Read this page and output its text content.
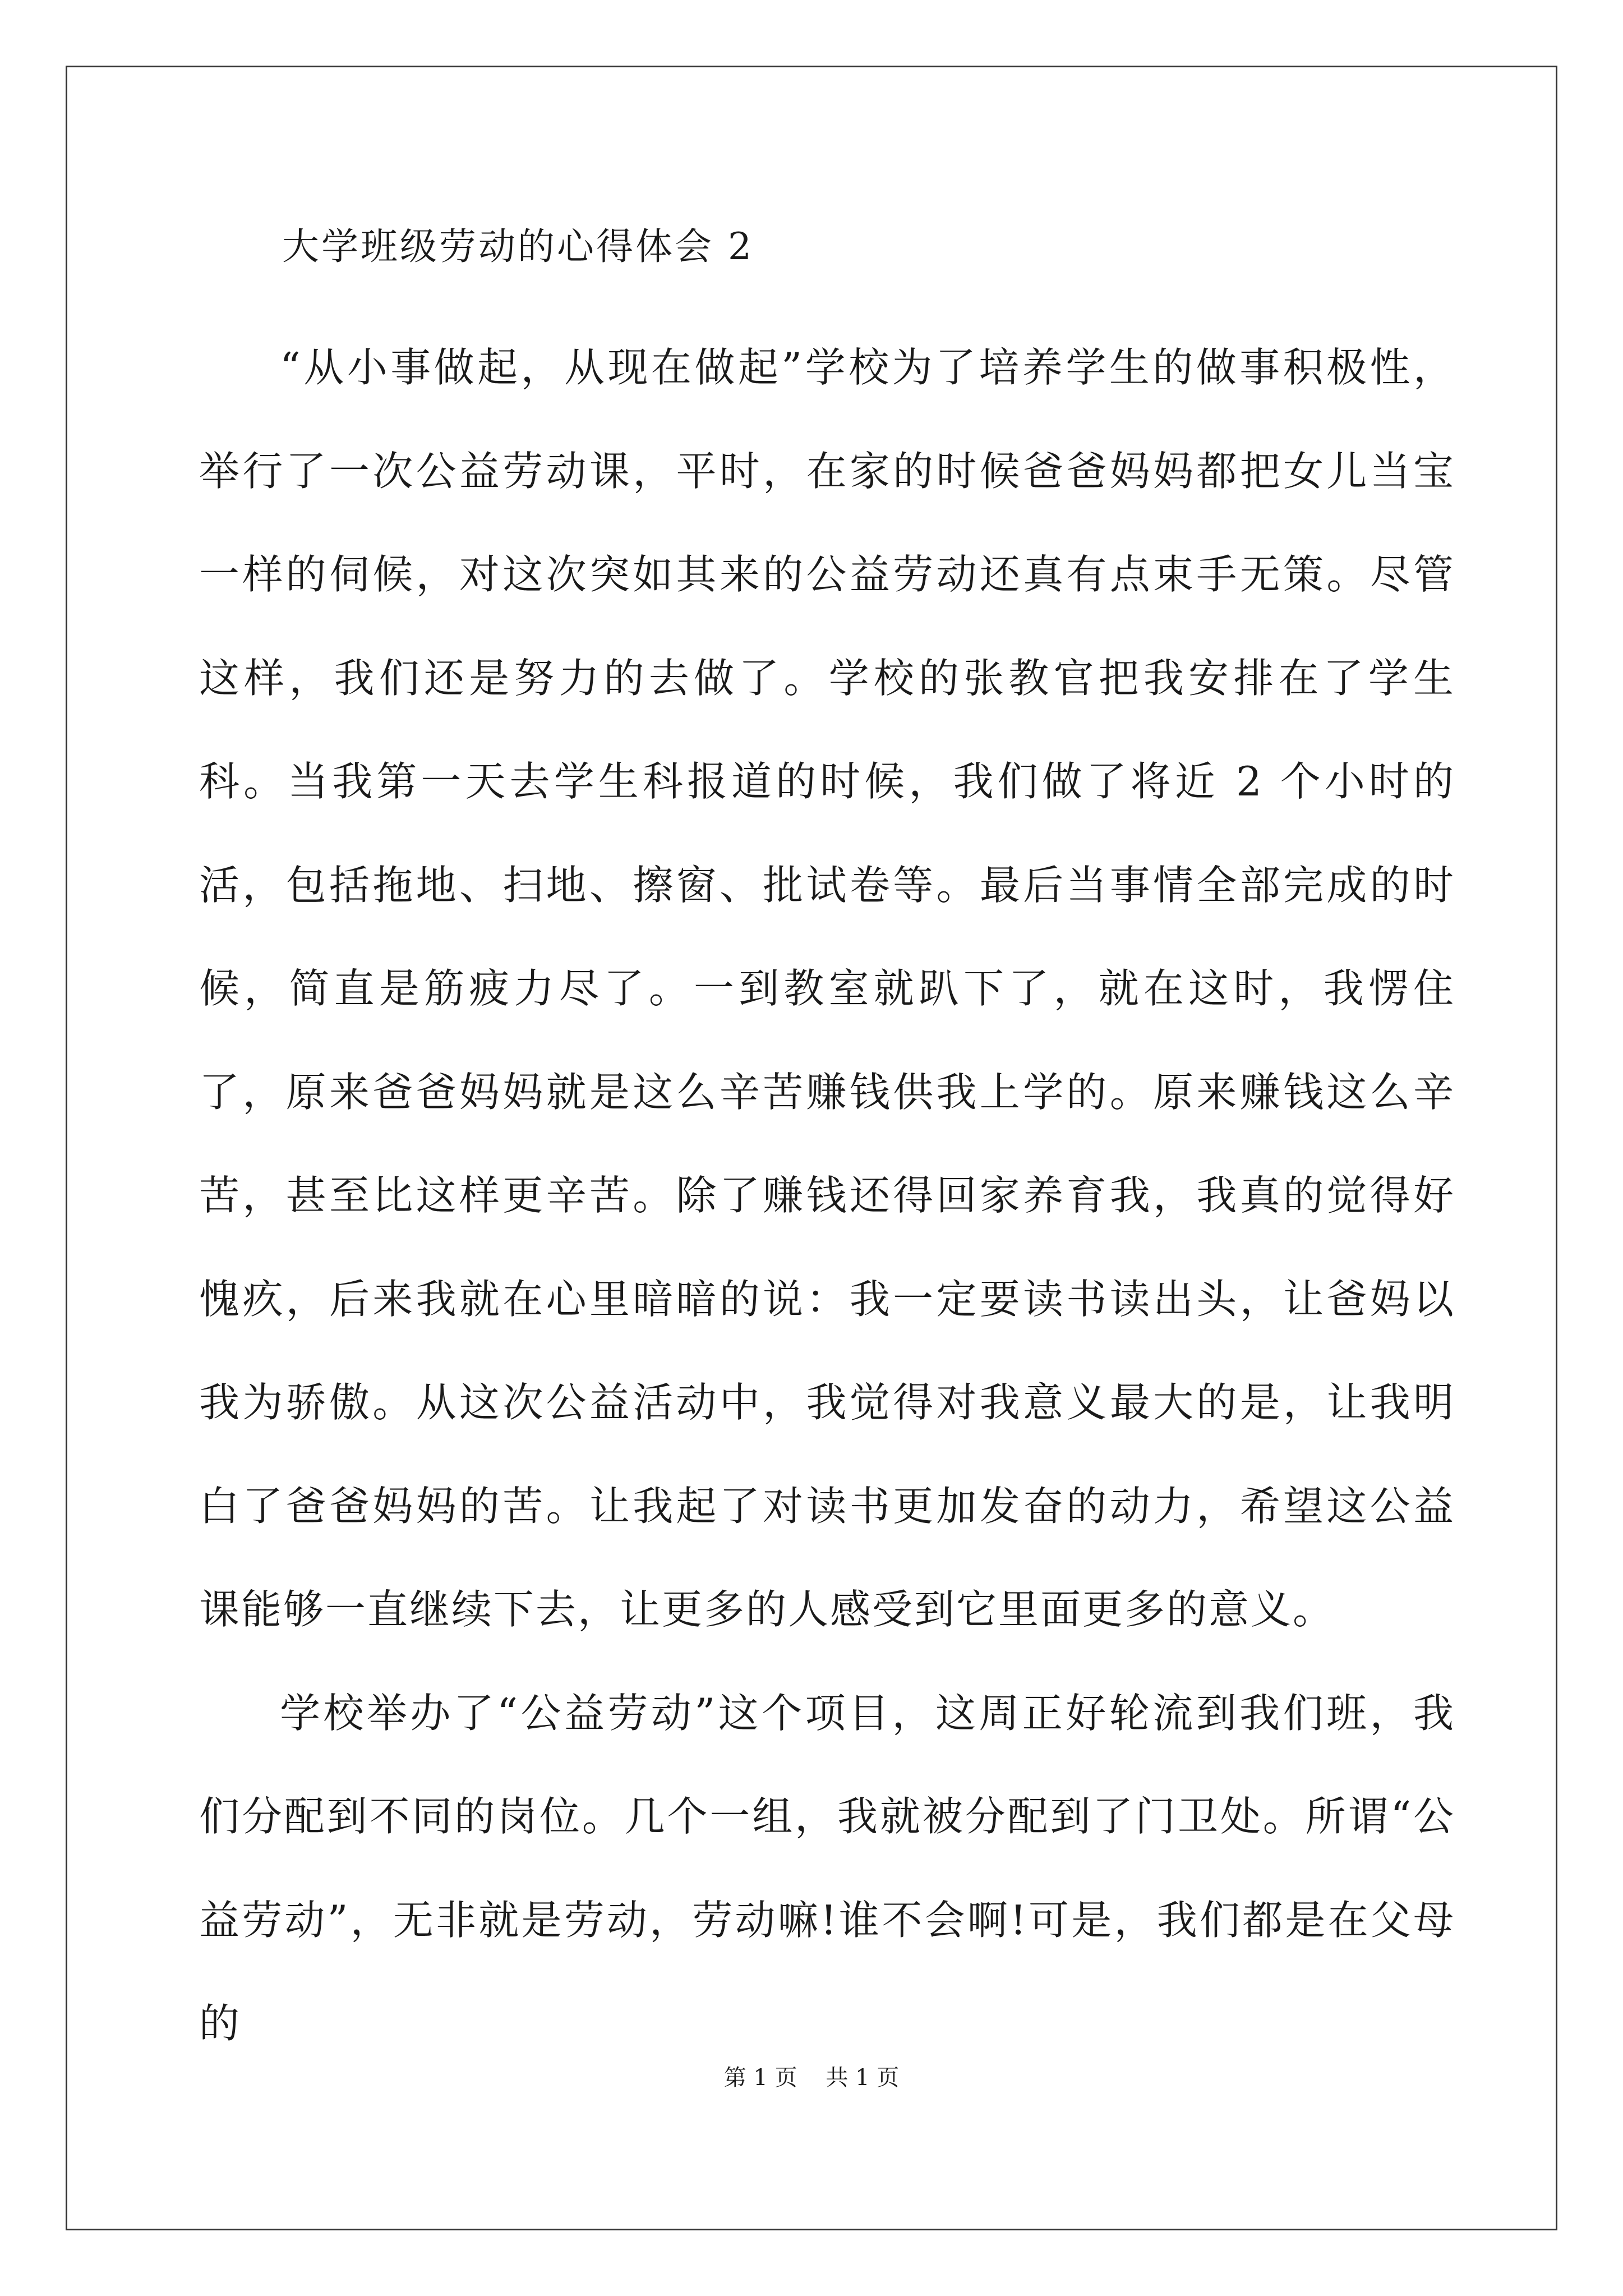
大学班级劳动的心得体会 2

“从小事做起，从现在做起”学校为了培养学生的做事积极性，举行了一次公益劳动课，平时，在家的时候爸爸妈妈都把女儿当宝一样的伺候，对这次突如其来的公益劳动还真有点束手无策。尽管这样，我们还是努力的去做了。学校的张教官把我安排在了学生科。当我第一天去学生科报道的时候，我们做了将近 2 个小时的活，包括拖地、扫地、擦窗、批试卷等。最后当事情全部完成的时候，简直是筋疲力尽了。一到教室就趴下了，就在这时，我愣住了，原来爸爸妈妈就是这么辛苦赚钱供我上学的。原来赚钱这么辛苦，甚至比这样更辛苦。除了赚钱还得回家养育我，我真的觉得好愧疚，后来我就在心里暗暗的说：我一定要读书读出头，让爸妈以我为骄傲。从这次公益活动中，我觉得对我意义最大的是，让我明白了爸爸妈妈的苦。让我起了对读书更加发奋的动力，希望这公益课能够一直继续下去，让更多的人感受到它里面更多的意义。

学校举办了“公益劳动”这个项目，这周正好轮流到我们班，我们分配到不同的岗位。几个一组，我就被分配到了门卫处。所谓“公益劳动”，无非就是劳动，劳动嘛!谁不会啊!可是，我们都是在父母的

第 1 页    共 1 页
